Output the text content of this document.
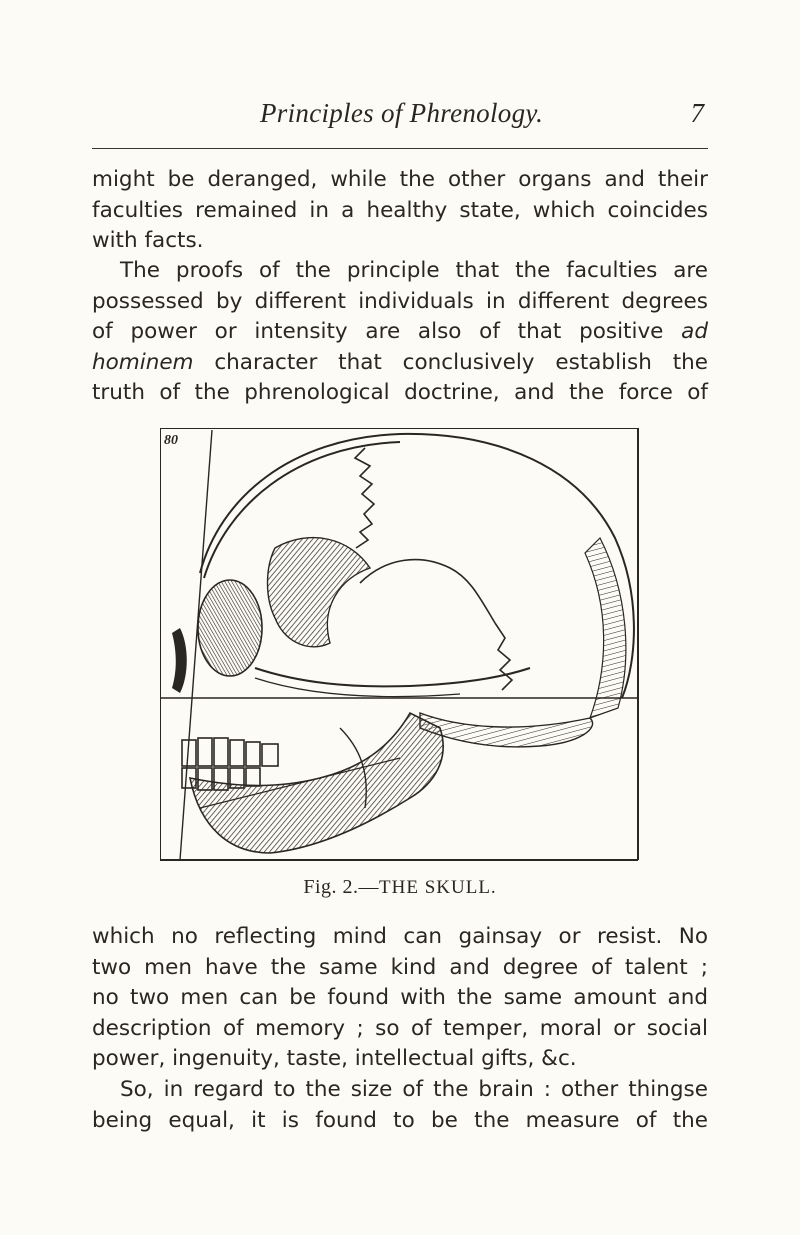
Principles of Phrenology.	7
might be deranged, while the other organs and their
faculties remained in a healthy state, which coincides
with facts.
The proofs of the principle that the faculties are
possessed by different individuals in different degrees
of power or intensity are also of that positive ad
hominem character that conclusively establish the
truth of the phrenological doctrine, and the force of
80
Fig. 2.—THE SKULL.
which no reflecting mind can gainsay or resist. No
two men have the same kind and degree of talent ;
no two men can be found with the same amount and
description of memory ; so of temper, moral or social
power, ingenuity, taste, intellectual gifts, &c.
So, in regard to the size of the brain : other thingse
being equal, it is found to be the measure of the
